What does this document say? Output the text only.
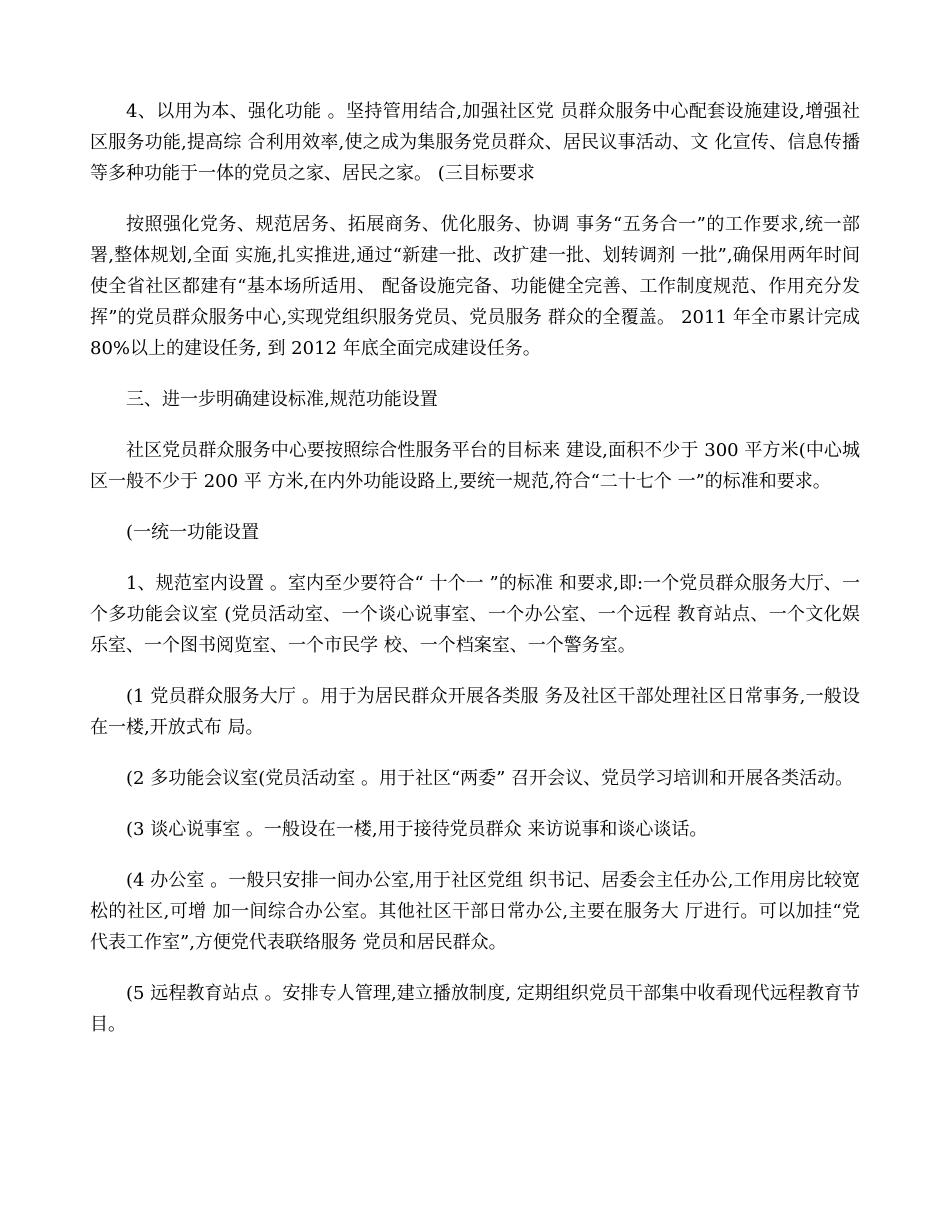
4、以用为本、强化功能 。坚持管用结合,加强社区党 员群众服务中心配套设施建设,增强社区服务功能,提高综 合利用效率,使之成为集服务党员群众、居民议事活动、文 化宣传、信息传播等多种功能于一体的党员之家、居民之家。 (三目标要求

按照强化党务、规范居务、拓展商务、优化服务、协调 事务“五务合一”的工作要求,统一部署,整体规划,全面 实施,扎实推进,通过“新建一批、改扩建一批、划转调剂 一批”,确保用两年时间使全省社区都建有“基本场所适用、 配备设施完备、功能健全完善、工作制度规范、作用充分发 挥”的党员群众服务中心,实现党组织服务党员、党员服务 群众的全覆盖。 2011 年全市累计完成 80%以上的建设任务, 到 2012 年底全面完成建设任务。

三、进一步明确建设标准,规范功能设置

社区党员群众服务中心要按照综合性服务平台的目标来 建设,面积不少于 300 平方米(中心城区一般不少于 200 平 方米,在内外功能设路上,要统一规范,符合“二十七个 一”的标准和要求。

(一统一功能设置

1、规范室内设置 。室内至少要符合“ 十个一 ”的标准 和要求,即:一个党员群众服务大厅、一个多功能会议室 (党员活动室、一个谈心说事室、一个办公室、一个远程 教育站点、一个文化娱乐室、一个图书阅览室、一个市民学 校、一个档案室、一个警务室。

(1 党员群众服务大厅 。用于为居民群众开展各类服 务及社区干部处理社区日常事务,一般设在一楼,开放式布 局。

(2 多功能会议室(党员活动室 。用于社区“两委” 召开会议、党员学习培训和开展各类活动。

(3 谈心说事室 。一般设在一楼,用于接待党员群众 来访说事和谈心谈话。

(4 办公室 。一般只安排一间办公室,用于社区党组 织书记、居委会主任办公,工作用房比较宽松的社区,可增 加一间综合办公室。其他社区干部日常办公,主要在服务大 厅进行。可以加挂“党代表工作室”,方便党代表联络服务 党员和居民群众。

(5 远程教育站点 。安排专人管理,建立播放制度, 定期组织党员干部集中收看现代远程教育节目。
